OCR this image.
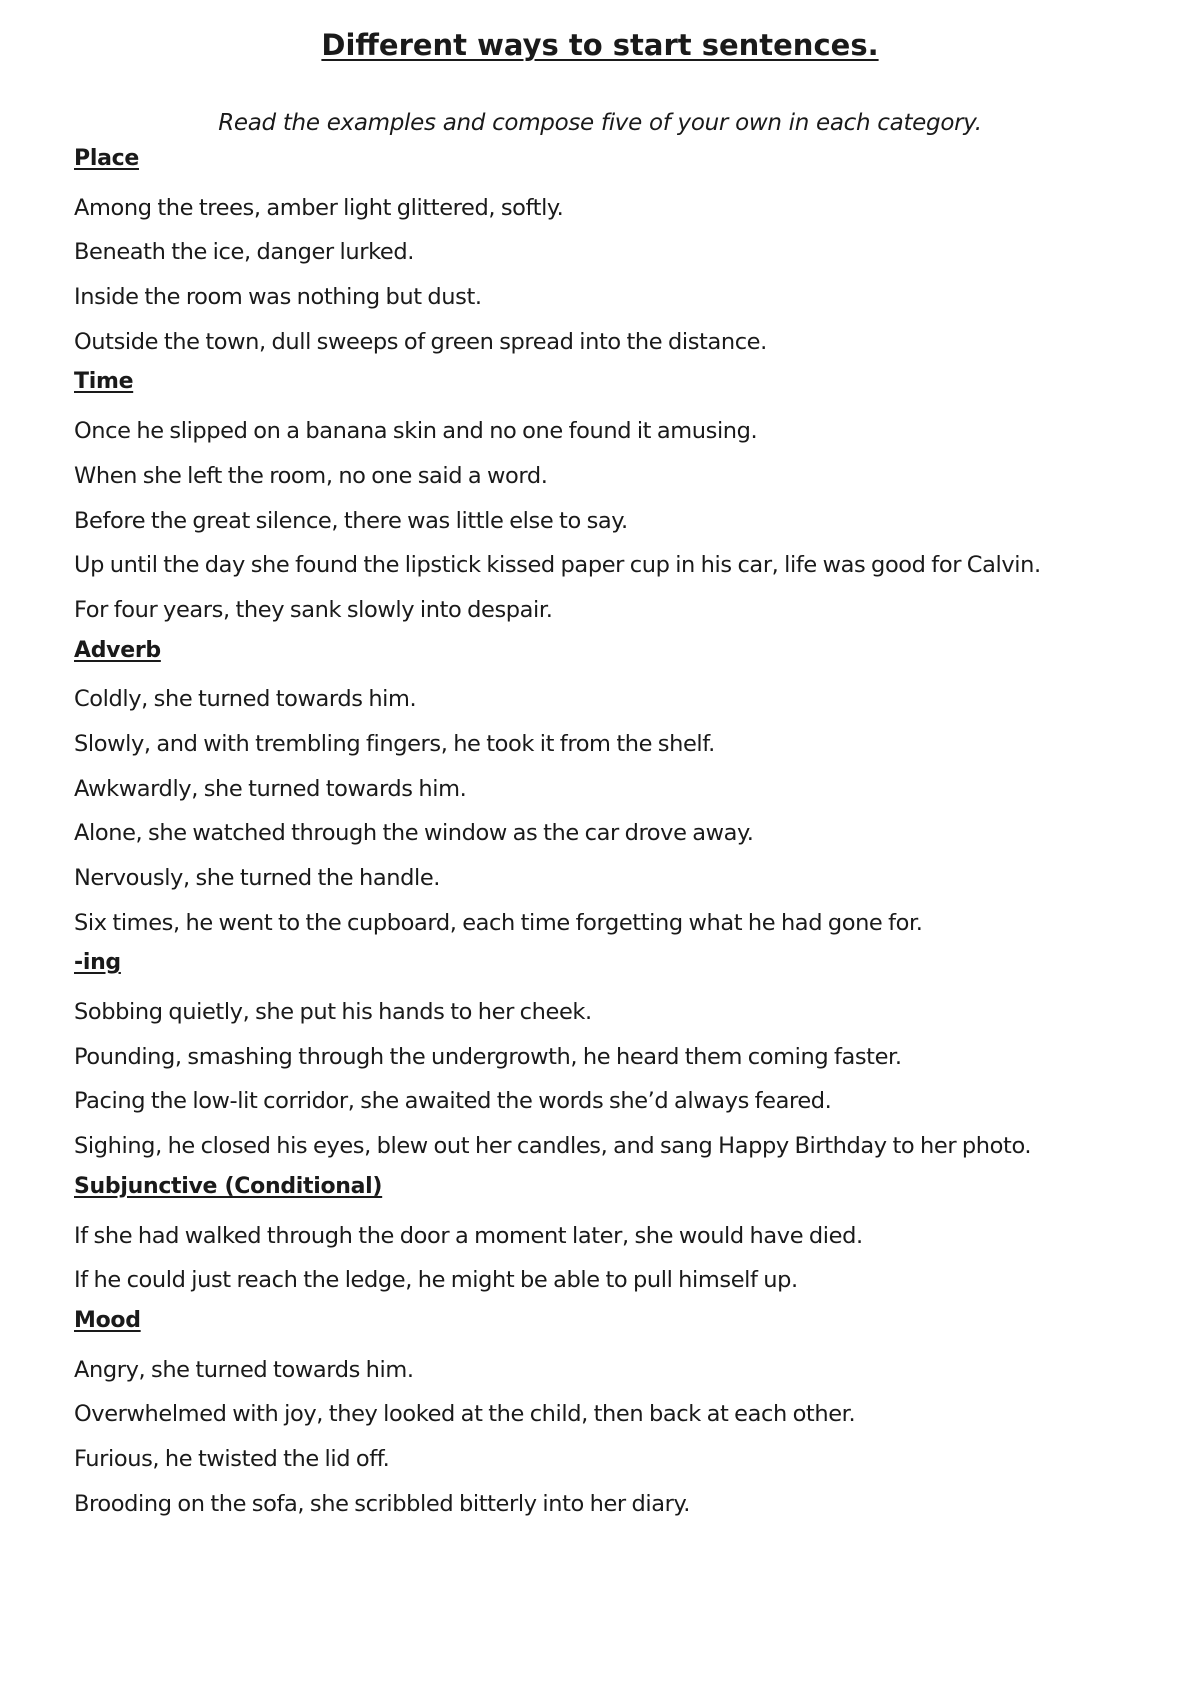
Different ways to start sentences.

Read the examples and compose five of your own in each category.

Place

Among the trees, amber light glittered, softly.

Beneath the ice, danger lurked.

Inside the room was nothing but dust.

Outside the town, dull sweeps of green spread into the distance.

Time

Once he slipped on a banana skin and no one found it amusing.

When she left the room, no one said a word.

Before the great silence, there was little else to say.

Up until the day she found the lipstick kissed paper cup in his car, life was good for Calvin.

For four years, they sank slowly into despair.

Adverb

Coldly, she turned towards him.

Slowly, and with trembling fingers, he took it from the shelf.

Awkwardly, she turned towards him.

Alone, she watched through the window as the car drove away.

Nervously, she turned the handle.

Six times, he went to the cupboard, each time forgetting what he had gone for.

-ing

Sobbing quietly, she put his hands to her cheek.

Pounding, smashing through the undergrowth, he heard them coming faster.

Pacing the low-lit corridor, she awaited the words she’d always feared.

Sighing, he closed his eyes, blew out her candles, and sang Happy Birthday to her photo.

Subjunctive (Conditional)

If she had walked through the door a moment later, she would have died.

If he could just reach the ledge, he might be able to pull himself up.

Mood

Angry, she turned towards him.

Overwhelmed with joy, they looked at the child, then back at each other.

Furious, he twisted the lid off.

Brooding on the sofa, she scribbled bitterly into her diary.
